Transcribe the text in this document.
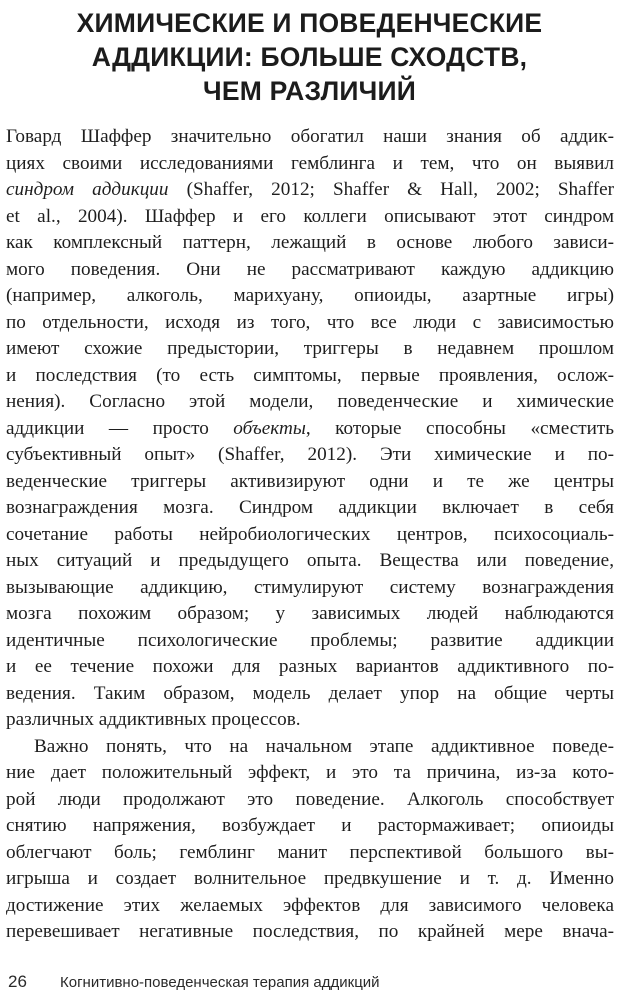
ХИМИЧЕСКИЕ И ПОВЕДЕНЧЕСКИЕ
АДДИКЦИИ: БОЛЬШЕ СХОДСТВ,
ЧЕМ РАЗЛИЧИЙ
Говард Шаффер значительно обогатил наши знания об аддик-
циях своими исследованиями гемблинга и тем, что он выявил
синдром аддикции (Shaffer, 2012; Shaffer & Hall, 2002; Shaffer
et al., 2004). Шаффер и его коллеги описывают этот синдром
как комплексный паттерн, лежащий в основе любого зависи-
мого поведения. Они не рассматривают каждую аддикцию
(например, алкоголь, марихуану, опиоиды, азартные игры)
по отдельности, исходя из того, что все люди с зависимостью
имеют схожие предыстории, триггеры в недавнем прошлом
и последствия (то есть симптомы, первые проявления, ослож-
нения). Согласно этой модели, поведенческие и химические
аддикции — просто объекты, которые способны «сместить
субъективный опыт» (Shaffer, 2012). Эти химические и по-
веденческие триггеры активизируют одни и те же центры
вознаграждения мозга. Синдром аддикции включает в себя
сочетание работы нейробиологических центров, психосоциаль-
ных ситуаций и предыдущего опыта. Вещества или поведение,
вызывающие аддикцию, стимулируют систему вознаграждения
мозга похожим образом; у зависимых людей наблюдаются
идентичные психологические проблемы; развитие аддикции
и ее течение похожи для разных вариантов аддиктивного по-
ведения. Таким образом, модель делает упор на общие черты
различных аддиктивных процессов.
Важно понять, что на начальном этапе аддиктивное поведе-
ние дает положительный эффект, и это та причина, из-за кото-
рой люди продолжают это поведение. Алкоголь способствует
снятию напряжения, возбуждает и растормаживает; опиоиды
облегчают боль; гемблинг манит перспективой большого вы-
игрыша и создает волнительное предвкушение и т. д. Именно
достижение этих желаемых эффектов для зависимого человека
перевешивает негативные последствия, по крайней мере вначa-
26 Когнитивно-поведенческая терапия аддикций
